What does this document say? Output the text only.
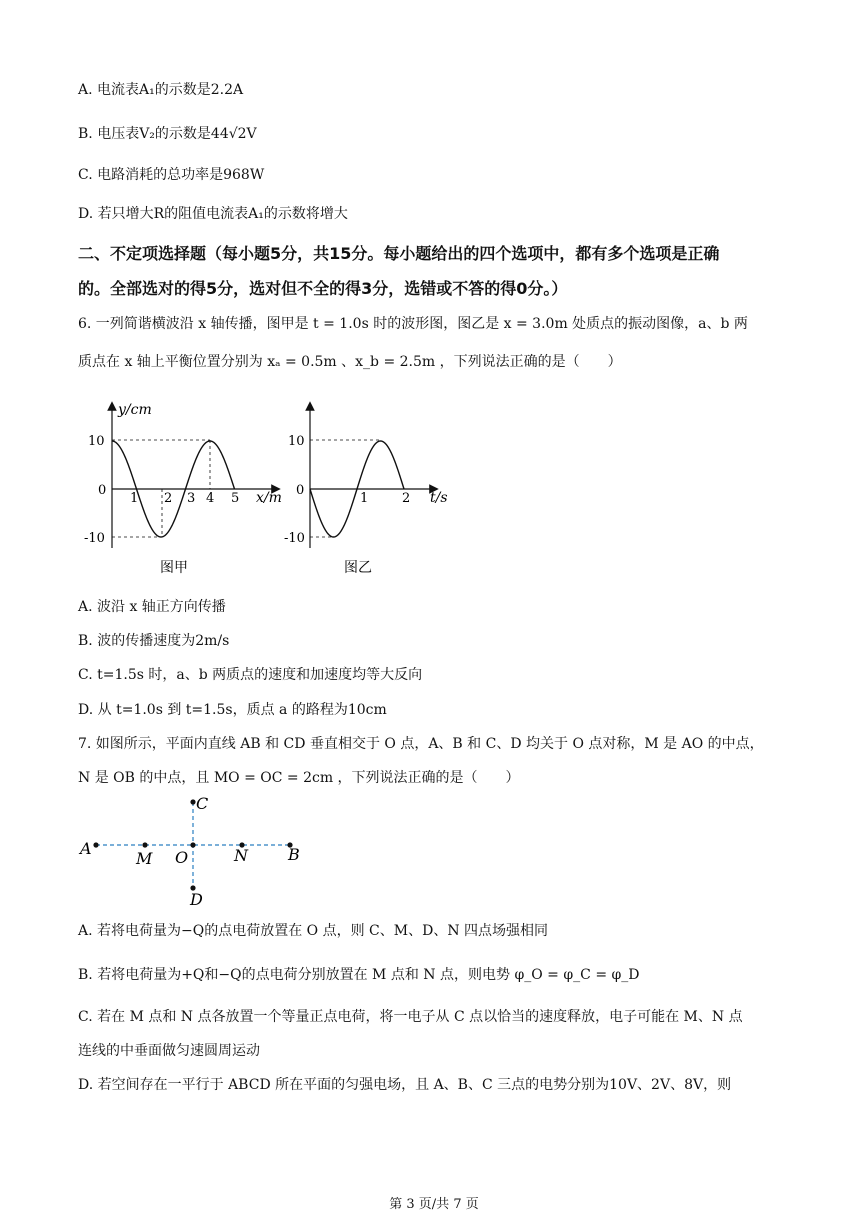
A. 电流表A₁的示数是2.2A
B. 电压表V₂的示数是44√2V
C. 电路消耗的总功率是968W
D. 若只增大R的阻值电流表A₁的示数将增大
二、不定项选择题（每小题5分，共15分。每小题给出的四个选项中，都有多个选项是正确
的。全部选对的得5分，选对但不全的得3分，选错或不答的得0分。）
6. 一列简谐横波沿 x 轴传播，图甲是 t = 1.0s 时的波形图，图乙是 x = 3.0m 处质点的振动图像，a、b 两
质点在 x 轴上平衡位置分别为 xₐ = 0.5m 、x_b = 2.5m ，下列说法正确的是（　　）
y/cm
10
0
-10
1 2 3 4 5 x/m
图甲
10
0
-10
1	2 t/s
图乙
A. 波沿 x 轴正方向传播
B. 波的传播速度为2m/s
C. t=1.5s 时，a、b 两质点的速度和加速度均等大反向
D. 从 t=1.0s 到 t=1.5s，质点 a 的路程为10cm
7. 如图所示，平面内直线 AB 和 CD 垂直相交于 O 点，A、B 和 C、D 均关于 O 点对称，M 是 AO 的中点，
N 是 OB 的中点，且 MO = OC = 2cm ，下列说法正确的是（　　）
A
M O	N	B
C
D
A. 若将电荷量为−Q的点电荷放置在 O 点，则 C、M、D、N 四点场强相同
B. 若将电荷量为+Q和−Q的点电荷分别放置在 M 点和 N 点，则电势 φ_O = φ_C = φ_D
C. 若在 M 点和 N 点各放置一个等量正点电荷，将一电子从 C 点以恰当的速度释放，电子可能在 M、N 点
连线的中垂面做匀速圆周运动
D. 若空间存在一平行于 ABCD 所在平面的匀强电场，且 A、B、C 三点的电势分别为10V、2V、8V，则
第 3 页/共 7 页
